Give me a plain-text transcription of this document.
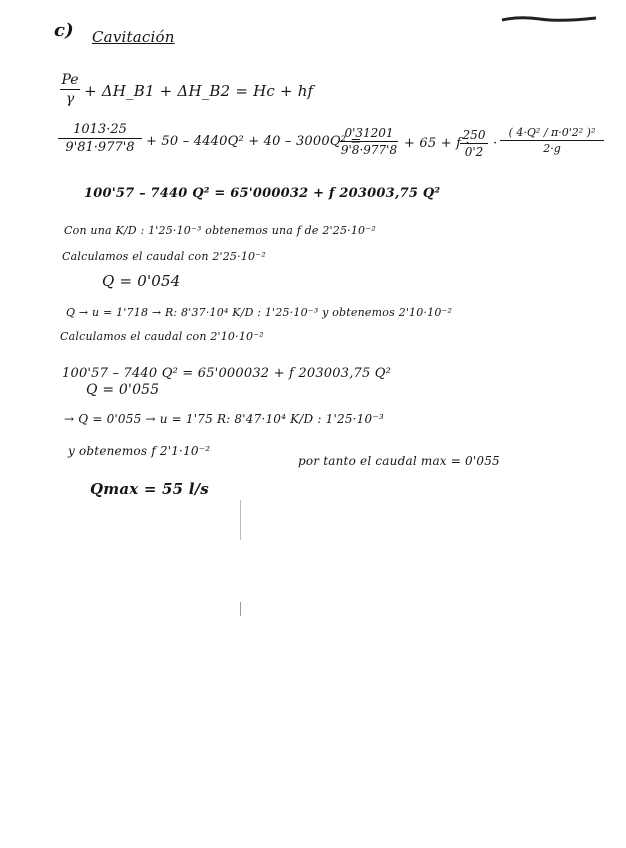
c) Cavitación
Pe
γ + ΔH_B1 + ΔH_B2 = Hc + hf
1013·25
9'81·977'8 + 50 – 4440Q² + 40 – 3000Q² =
0'31201
9'8·977'8 + 65 + f ·
250
0'2
·
( 4·Q² / π·0'2² )²
2·g
100'57 – 7440 Q² = 65'000032 + f 203003,75 Q²
Con una K/D : 1'25·10⁻³ obtenemos una f de 2'25·10⁻²
Calculamos el caudal con 2'25·10⁻²
Q = 0'054
Q → u = 1'718 → R: 8'37·10⁴ K/D : 1'25·10⁻³ y obtenemos 2'10·10⁻²
Calculamos el caudal con 2'10·10⁻²
100'57 – 7440 Q² = 65'000032 + f 203003,75 Q²
Q = 0'055
→ Q = 0'055 → u = 1'75 R: 8'47·10⁴ K/D : 1'25·10⁻³
y obtenemos f 2'1·10⁻²
por tanto el caudal max = 0'055
Qmax = 55 l/s
